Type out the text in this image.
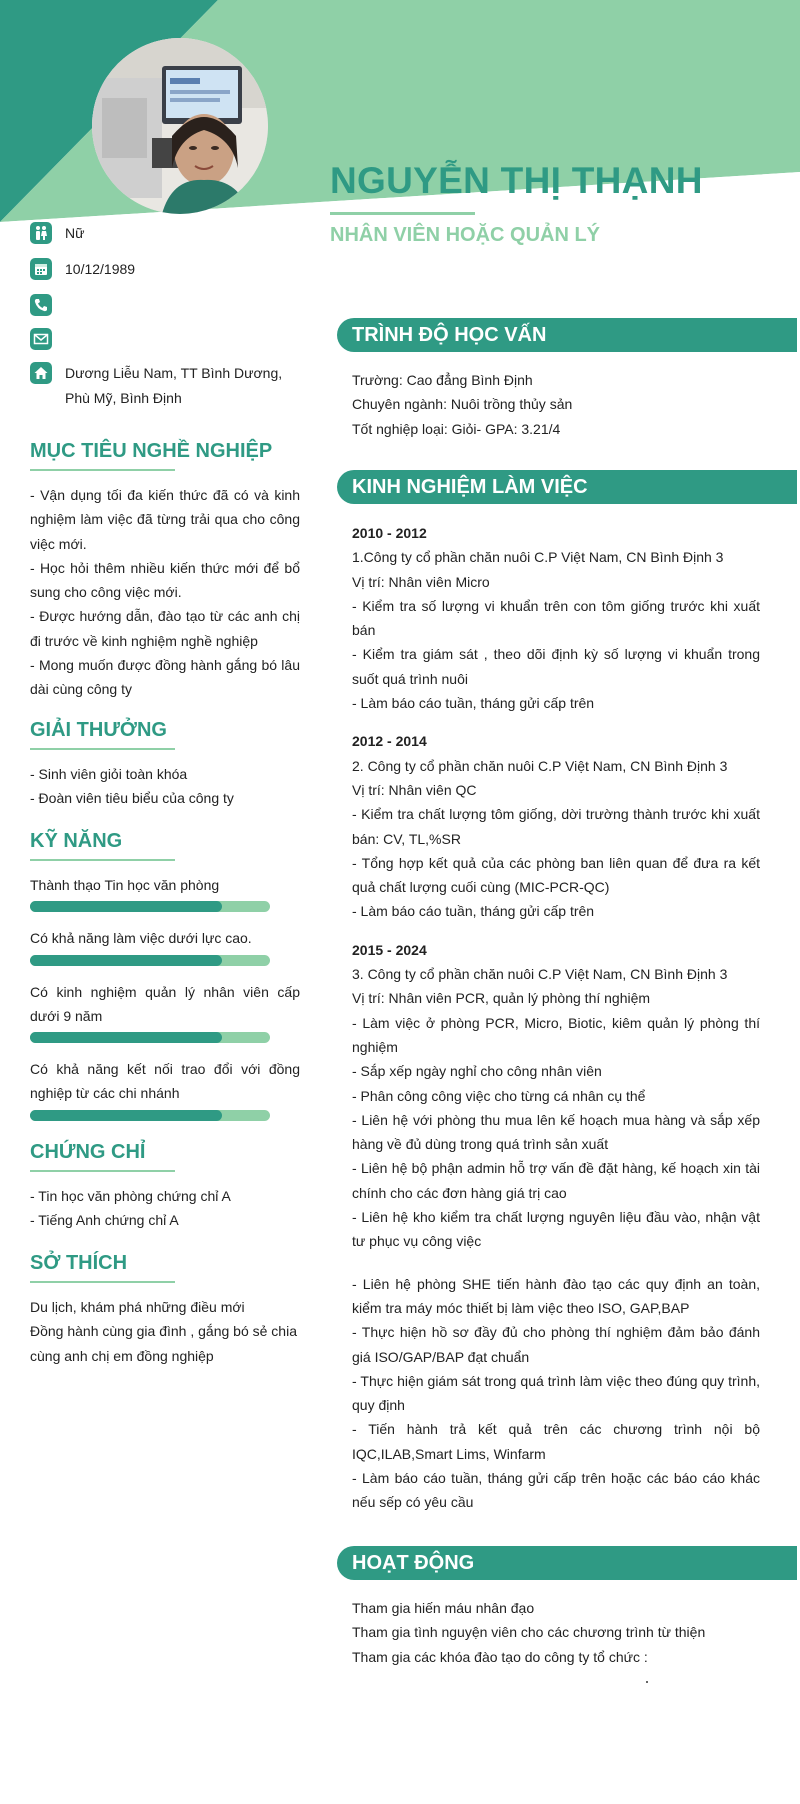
NGUYỄN THỊ THẠNH
NHÂN VIÊN HOẶC QUẢN LÝ
Nữ
10/12/1989
Dương Liễu Nam, TT Bình Dương, Phù Mỹ, Bình Định
MỤC TIÊU NGHỀ NGHIỆP
- Vận dụng tối đa kiến thức đã có và kinh nghiệm làm việc đã từng trải qua cho công việc mới.
- Học hỏi thêm nhiều kiến thức mới để bổ sung cho công việc mới.
- Được hướng dẫn, đào tạo từ các anh chị đi trước về kinh nghiệm nghề nghiệp
- Mong muốn được đồng hành gắng bó lâu dài cùng công ty
GIẢI THƯỞNG
- Sinh viên giỏi toàn khóa
- Đoàn viên tiêu biểu của công ty
KỸ NĂNG
Thành thạo Tin học văn phòng
Có khả năng làm việc dưới lực cao.
Có kinh nghiệm quản lý nhân viên cấp dưới 9 năm
Có khả năng kết nối trao đổi với đồng nghiệp từ các chi nhánh
CHỨNG CHỈ
- Tin học văn phòng chứng chỉ A
- Tiếng Anh chứng chỉ A
SỞ THÍCH
Du lịch, khám phá những điều mới
Đồng hành cùng gia đình , gắng bó sẻ chia cùng anh chị em đồng nghiệp
TRÌNH ĐỘ HỌC VẤN
Trường: Cao đẳng Bình Định
Chuyên ngành: Nuôi trồng thủy sản
Tốt nghiệp loại: Giỏi- GPA: 3.21/4
KINH NGHIỆM LÀM VIỆC
2010 - 2012
1.Công ty cổ phần chăn nuôi C.P Việt Nam, CN Bình Định 3
Vị trí: Nhân viên Micro
- Kiểm tra số lượng vi khuẩn trên con tôm giống trước khi xuất bán
- Kiểm tra giám sát , theo dõi định kỳ số lượng vi khuẩn trong suốt quá trình nuôi
- Làm báo cáo tuần, tháng gửi cấp trên
2012 - 2014
2. Công ty cổ phần chăn nuôi C.P Việt Nam, CN Bình Định 3
Vị trí: Nhân viên QC
- Kiểm tra chất lượng tôm giống, dời trường thành trước khi xuất bán: CV, TL,%SR
- Tổng hợp kết quả của các phòng ban liên quan để đưa ra kết quả chất lượng cuối cùng (MIC-PCR-QC)
- Làm báo cáo tuần, tháng gửi cấp trên
2015 - 2024
3. Công ty cổ phần chăn nuôi C.P Việt Nam, CN Bình Định 3
Vị trí: Nhân viên PCR, quản lý phòng thí nghiệm
- Làm việc ở phòng PCR, Micro, Biotic, kiêm quản lý phòng thí nghiệm
- Sắp xếp ngày nghỉ cho công nhân viên
- Phân công công việc cho từng cá nhân cụ thể
- Liên hệ với phòng thu mua lên kế hoạch mua hàng và sắp xếp hàng về đủ dùng trong quá trình sản xuất
- Liên hệ bộ phận admin hỗ trợ vấn đề đặt hàng, kế hoạch xin tài chính cho các đơn hàng giá trị cao
- Liên hệ kho kiểm tra chất lượng nguyên liệu đầu vào, nhận vật tư phục vụ công việc
- Liên hệ phòng SHE tiến hành đào tạo các quy định an toàn, kiểm tra máy móc thiết bị làm việc theo ISO, GAP,BAP
- Thực hiện hồ sơ đầy đủ cho phòng thí nghiệm đảm bảo đánh giá ISO/GAP/BAP đạt chuẩn
- Thực hiện giám sát trong quá trình làm việc theo đúng quy trình, quy định
- Tiến hành trả kết quả trên các chương trình nội bộ IQC,ILAB,Smart Lims, Winfarm
- Làm báo cáo tuần, tháng gửi cấp trên hoặc các báo cáo khác nếu sếp có yêu cầu
HOẠT ĐỘNG
Tham gia hiến máu nhân đạo
Tham gia tình nguyện viên cho các chương trình từ thiện
Tham gia các khóa đào tạo do công ty tổ chức :
